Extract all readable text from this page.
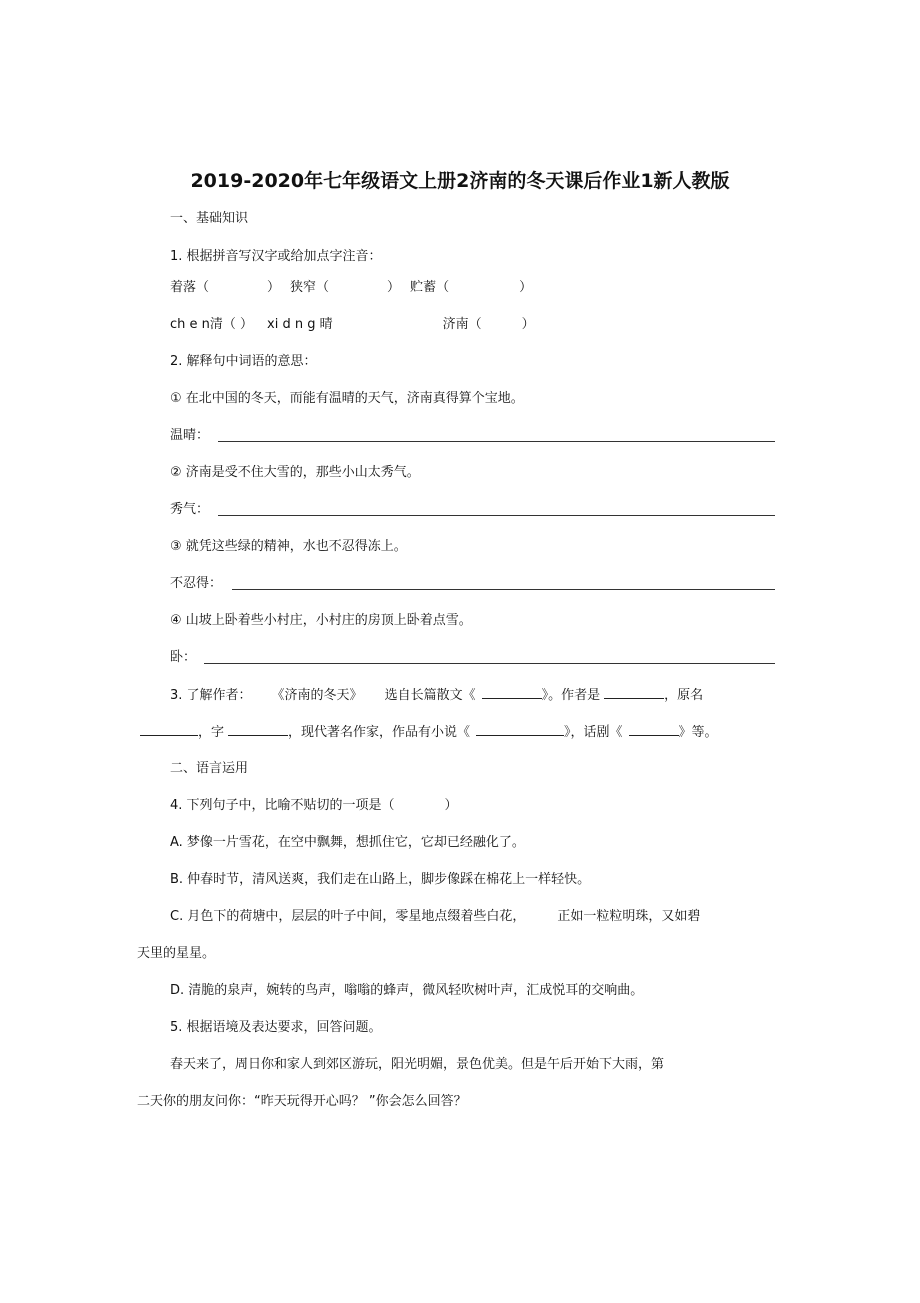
2019-2020年七年级语文上册2济南的冬天课后作业1新人教版
一、基础知识
1. 根据拼音写汉字或给加点字注音：
着落（	） 狭窄（	） 贮蓄（	）
ch e n清（ ） xi d n g 晴	济南（	）
2. 解释句中词语的意思：
① 在北中国的冬天，而能有温晴的天气，济南真得算个宝地。
温晴：
② 济南是受不住大雪的，那些小山太秀气。
秀气：
③ 就凭这些绿的精神，水也不忍得冻上。
不忍得：
④ 山坡上卧着些小村庄，小村庄的房顶上卧着点雪。
卧：
3. 了解作者： 《济南的冬天》 选自长篇散文《	》。作者是	，原名
，字	，现代著名作家，作品有小说《	》，话剧《	》等。
二、语言运用
4. 下列句子中，比喻不贴切的一项是（	）
A. 梦像一片雪花，在空中飘舞，想抓住它，它却已经融化了。
B. 仲春时节，清风送爽，我们走在山路上，脚步像踩在棉花上一样轻快。
C. 月色下的荷塘中，层层的叶子中间，零星地点缀着些白花， 正如一粒粒明珠，又如碧
天里的星星。
D. 清脆的泉声，婉转的鸟声，嗡嗡的蜂声，微风轻吹树叶声，汇成悦耳的交响曲。
5. 根据语境及表达要求，回答问题。
春天来了，周日你和家人到郊区游玩，阳光明媚，景色优美。但是午后开始下大雨，第
二天你的朋友问你：“昨天玩得开心吗？ ”你会怎么回答？
